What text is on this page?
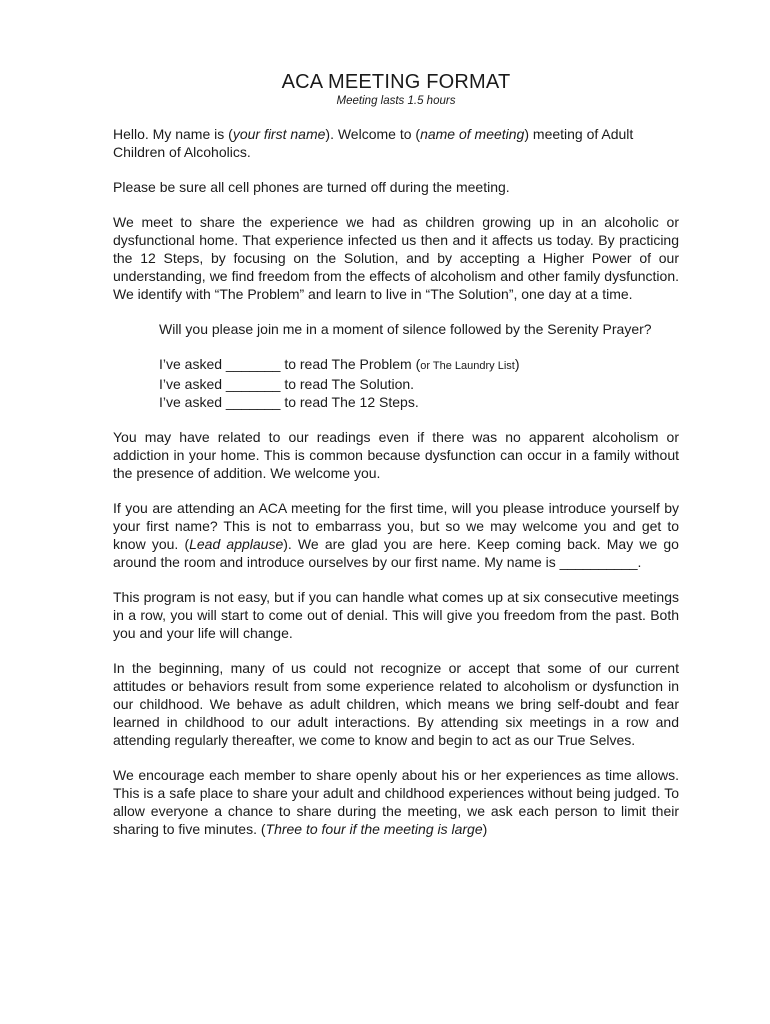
ACA MEETING FORMAT
Meeting lasts 1.5 hours

Hello. My name is (your first name). Welcome to (name of meeting) meeting of Adult Children of Alcoholics.

Please be sure all cell phones are turned off during the meeting.

We meet to share the experience we had as children growing up in an alcoholic or dysfunctional home. That experience infected us then and it affects us today. By practicing the 12 Steps, by focusing on the Solution, and by accepting a Higher Power of our understanding, we find freedom from the effects of alcoholism and other family dysfunction. We identify with “The Problem” and learn to live in “The Solution”, one day at a time.

Will you please join me in a moment of silence followed by the Serenity Prayer?

I’ve asked _______ to read The Problem (or The Laundry List)
I’ve asked _______ to read The Solution.
I’ve asked _______ to read The 12 Steps.

You may have related to our readings even if there was no apparent alcoholism or addiction in your home. This is common because dysfunction can occur in a family without the presence of addition. We welcome you.

If you are attending an ACA meeting for the first time, will you please introduce yourself by your first name? This is not to embarrass you, but so we may welcome you and get to know you. (Lead applause). We are glad you are here. Keep coming back. May we go around the room and introduce ourselves by our first name. My name is __________.

This program is not easy, but if you can handle what comes up at six consecutive meetings in a row, you will start to come out of denial. This will give you freedom from the past. Both you and your life will change.

In the beginning, many of us could not recognize or accept that some of our current attitudes or behaviors result from some experience related to alcoholism or dysfunction in our childhood. We behave as adult children, which means we bring self-doubt and fear learned in childhood to our adult interactions. By attending six meetings in a row and attending regularly thereafter, we come to know and begin to act as our True Selves.

We encourage each member to share openly about his or her experiences as time allows. This is a safe place to share your adult and childhood experiences without being judged. To allow everyone a chance to share during the meeting, we ask each person to limit their sharing to five minutes. (Three to four if the meeting is large)
